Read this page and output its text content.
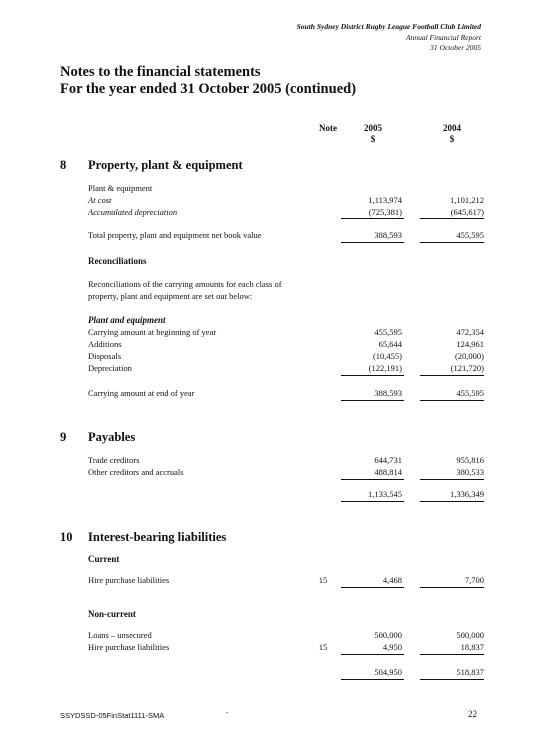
South Sydney District Rugby League Football Club Limited
Annual Financial Report
31 October 2005
Notes to the financial statements
For the year ended 31 October 2005 (continued)
Note	2005	2004
$	$
8 Property, plant & equipment
Plant & equipment
At cost	1,113,974	1,101,212
Accumulated depreciation	(725,381)	(645,617)
Total property, plant and equipment net book value	388,593	455,595
Reconciliations
Reconciliations of the carrying amounts for each class of
property, plant and equipment are set out below:
Plant and equipment
Carrying amount at beginning of year	455,595	472,354
Additions	65,644	124,961
Disposals	(10,455)	(20,000)
Depreciation	(122,191)	(121,720)
Carrying amount at end of year	388,593	455,595
9 Payables
Trade creditors	644,731	955,816
Other creditors and accruals	488,814	380,533
1,133,545	1,336,349
10 Interest-bearing liabilities
Current
Hire purchase liabilities	15	4,468	7,700
Non-current
Loans – unsecured	500,000	500,000
Hire purchase liabilities	15	4,950	18,837
504,950	518,837
SSYDSSD-05FinStat1111-SMA	-	22
